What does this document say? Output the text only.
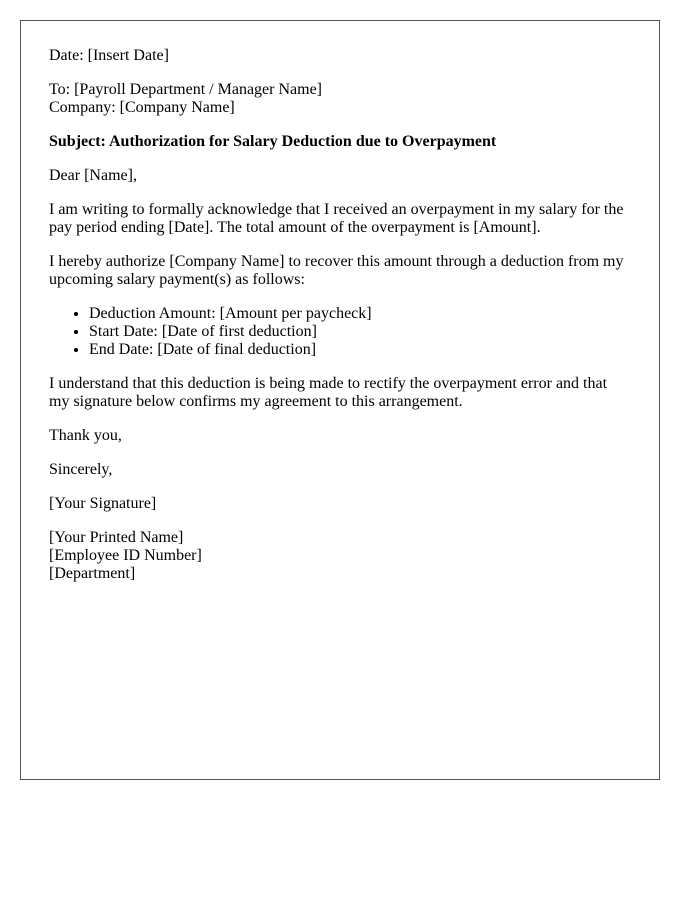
Date: [Insert Date]

To: [Payroll Department / Manager Name]
Company: [Company Name]

Subject: Authorization for Salary Deduction due to Overpayment

Dear [Name],

I am writing to formally acknowledge that I received an overpayment in my salary for the pay period ending [Date]. The total amount of the overpayment is [Amount].

I hereby authorize [Company Name] to recover this amount through a deduction from my upcoming salary payment(s) as follows:

• Deduction Amount: [Amount per paycheck]
• Start Date: [Date of first deduction]
• End Date: [Date of final deduction]

I understand that this deduction is being made to rectify the overpayment error and that my signature below confirms my agreement to this arrangement.

Thank you,

Sincerely,

[Your Signature]

[Your Printed Name]
[Employee ID Number]
[Department]
